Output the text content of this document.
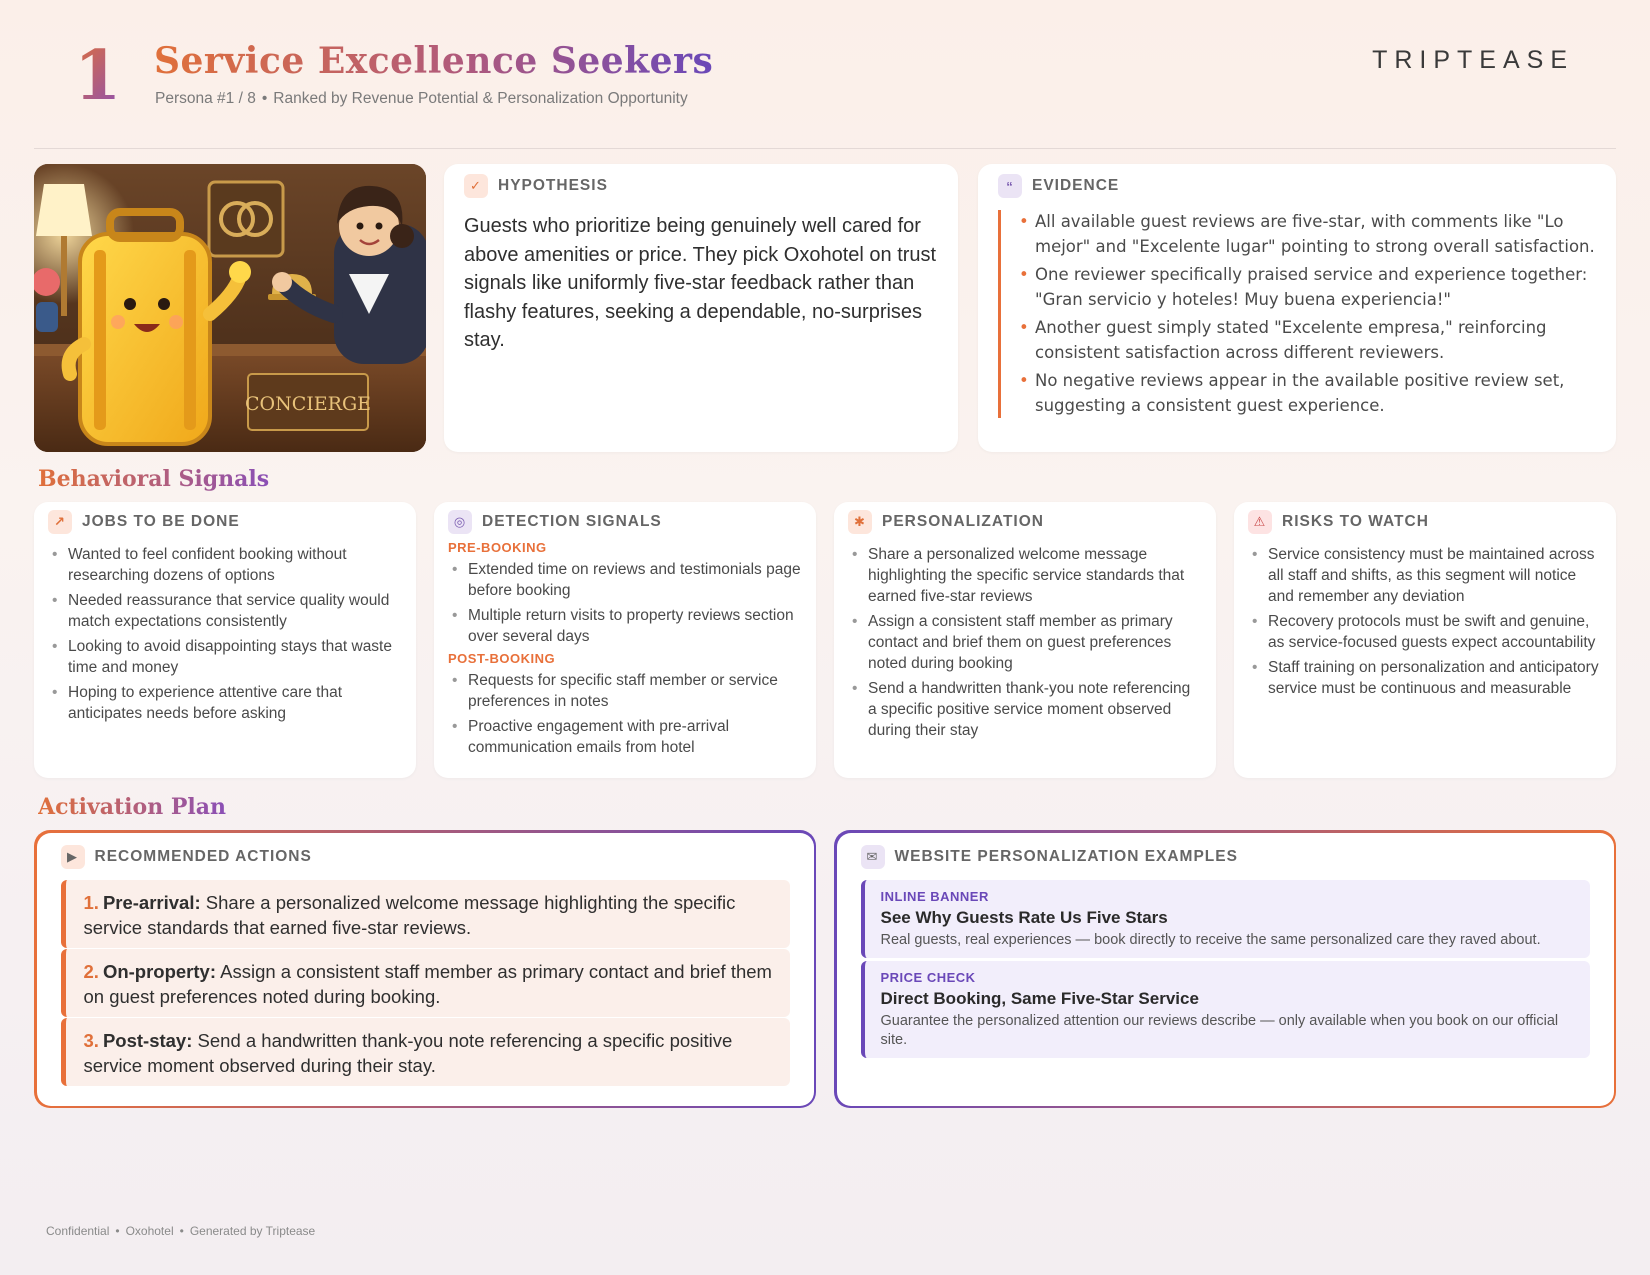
1 Service Excellence Seekers
Persona #1 / 8 • Ranked by Revenue Potential & Personalization Opportunity
TRIPTEASE
CONCIERGE
✓	HYPOTHESIS
Guests who prioritize being genuinely well cared for above amenities or price. They pick Oxohotel on trust signals like uniformly five-star feedback rather than flashy features, seeking a dependable, no-surprises stay.
“	EVIDENCE
• All available guest reviews are five-star, with comments like "Lo mejor" and "Excelente lugar" pointing to strong overall satisfaction.
• One reviewer specifically praised service and experience together: "Gran servicio y hoteles! Muy buena experiencia!"
• Another guest simply stated "Excelente empresa," reinforcing consistent satisfaction across different reviewers.
• No negative reviews appear in the available positive review set, suggesting a consistent guest experience.
Behavioral Signals
↗	JOBS TO BE DONE
• Wanted to feel confident booking without researching dozens of options
• Needed reassurance that service quality would match expectations consistently
• Looking to avoid disappointing stays that waste time and money
• Hoping to experience attentive care that anticipates needs before asking
◎	DETECTION SIGNALS
PRE-BOOKING
• Extended time on reviews and testimonials page before booking
• Multiple return visits to property reviews section over several days
POST-BOOKING
• Requests for specific staff member or service preferences in notes
• Proactive engagement with pre-arrival communication emails from hotel
✱	PERSONALIZATION
• Share a personalized welcome message highlighting the specific service standards that earned five-star reviews
• Assign a consistent staff member as primary contact and brief them on guest preferences noted during booking
• Send a handwritten thank-you note referencing a specific positive service moment observed during their stay
⚠	RISKS TO WATCH
• Service consistency must be maintained across all staff and shifts, as this segment will notice and remember any deviation
• Recovery protocols must be swift and genuine, as service-focused guests expect accountability
• Staff training on personalization and anticipatory service must be continuous and measurable
Activation Plan
▶	RECOMMENDED ACTIONS
1. Pre-arrival: Share a personalized welcome message highlighting the specific service standards that earned five-star reviews.
2. On-property: Assign a consistent staff member as primary contact and brief them on guest preferences noted during booking.
3. Post-stay: Send a handwritten thank-you note referencing a specific positive service moment observed during their stay.
✉	WEBSITE PERSONALIZATION EXAMPLES
INLINE BANNER
See Why Guests Rate Us Five Stars
Real guests, real experiences — book directly to receive the same personalized care they raved about.
PRICE CHECK
Direct Booking, Same Five-Star Service
Guarantee the personalized attention our reviews describe — only available when you book on our official site.
Confidential • Oxohotel • Generated by Triptease
